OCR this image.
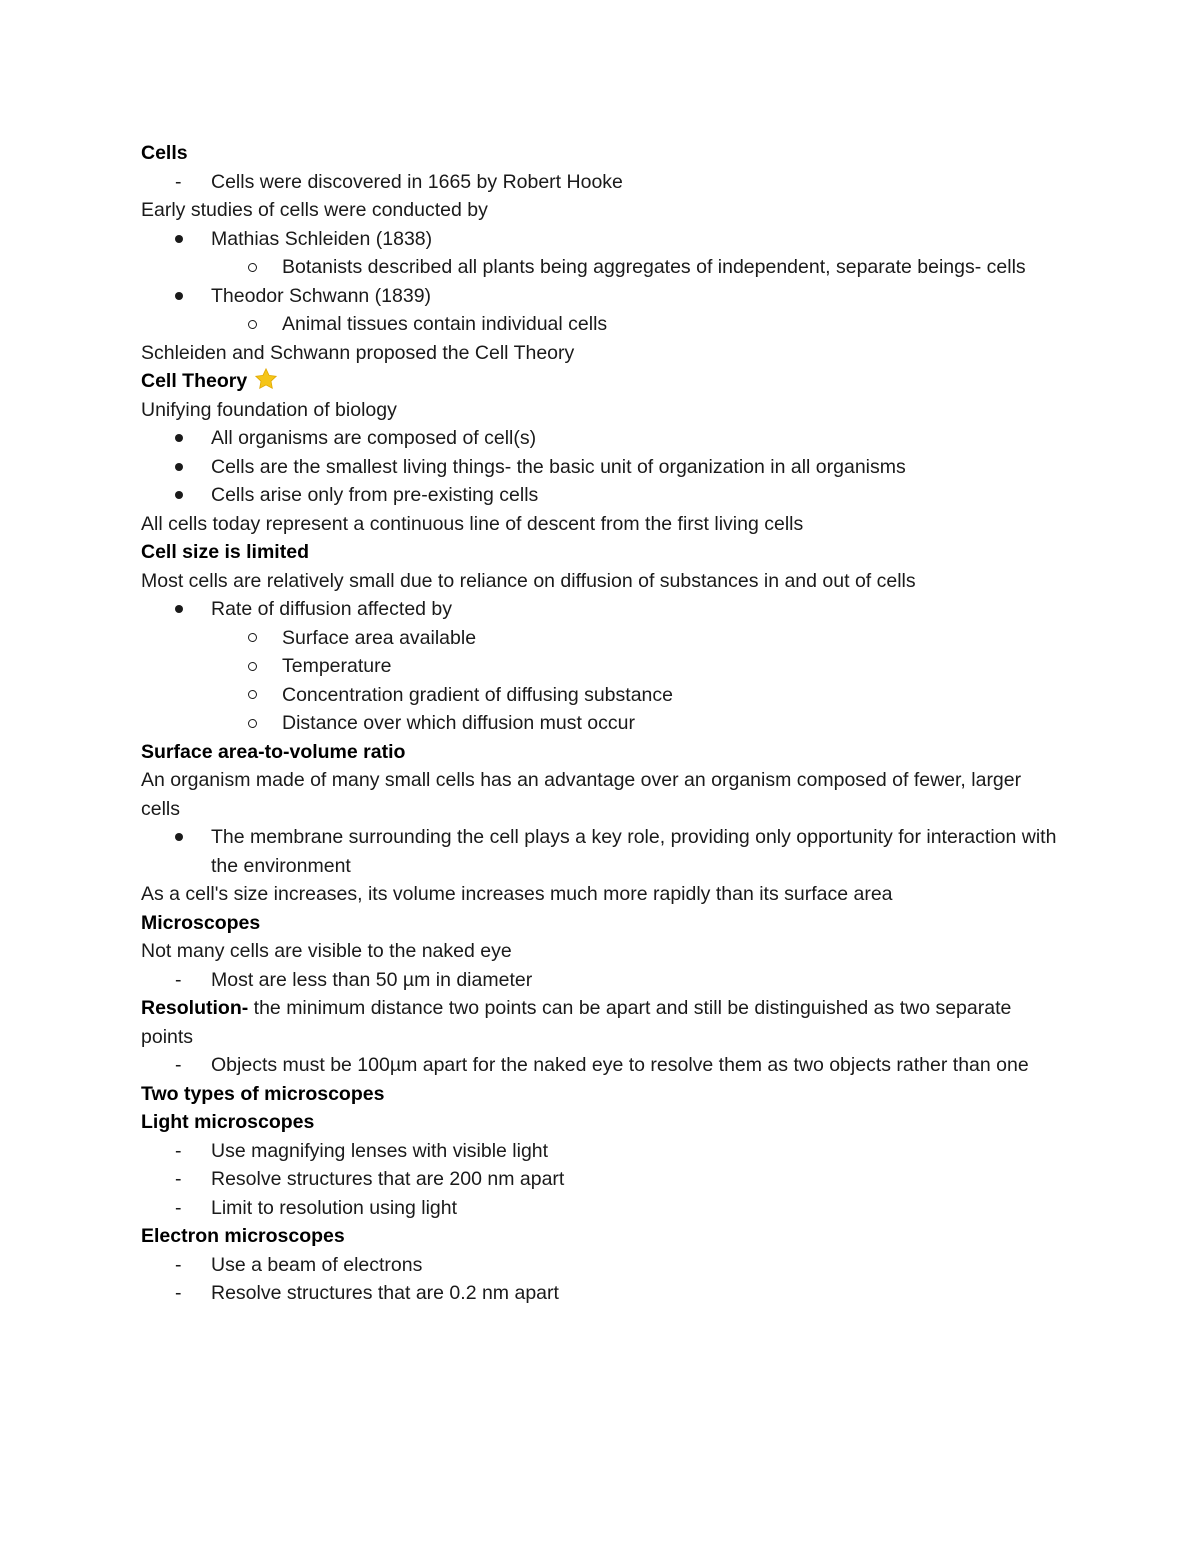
Cells
- Cells were discovered in 1665 by Robert Hooke
Early studies of cells were conducted by
Mathias Schleiden (1838)
Botanists described all plants being aggregates of independent, separate beings- cells
Theodor Schwann (1839)
Animal tissues contain individual cells
Schleiden and Schwann proposed the Cell Theory
Cell Theory
Unifying foundation of biology
All organisms are composed of cell(s)
Cells are the smallest living things- the basic unit of organization in all organisms
Cells arise only from pre-existing cells
All cells today represent a continuous line of descent from the first living cells
Cell size is limited
Most cells are relatively small due to reliance on diffusion of substances in and out of cells
Rate of diffusion affected by
Surface area available
Temperature
Concentration gradient of diffusing substance
Distance over which diffusion must occur
Surface area-to-volume ratio
An organism made of many small cells has an advantage over an organism composed of fewer, larger cells
The membrane surrounding the cell plays a key role, providing only opportunity for interaction with the environment
As a cell's size increases, its volume increases much more rapidly than its surface area
Microscopes
Not many cells are visible to the naked eye
- Most are less than 50 µm in diameter
Resolution- the minimum distance two points can be apart and still be distinguished as two separate points
- Objects must be 100µm apart for the naked eye to resolve them as two objects rather than one
Two types of microscopes
Light microscopes
- Use magnifying lenses with visible light
- Resolve structures that are 200 nm apart
- Limit to resolution using light
Electron microscopes
- Use a beam of electrons
- Resolve structures that are 0.2 nm apart
